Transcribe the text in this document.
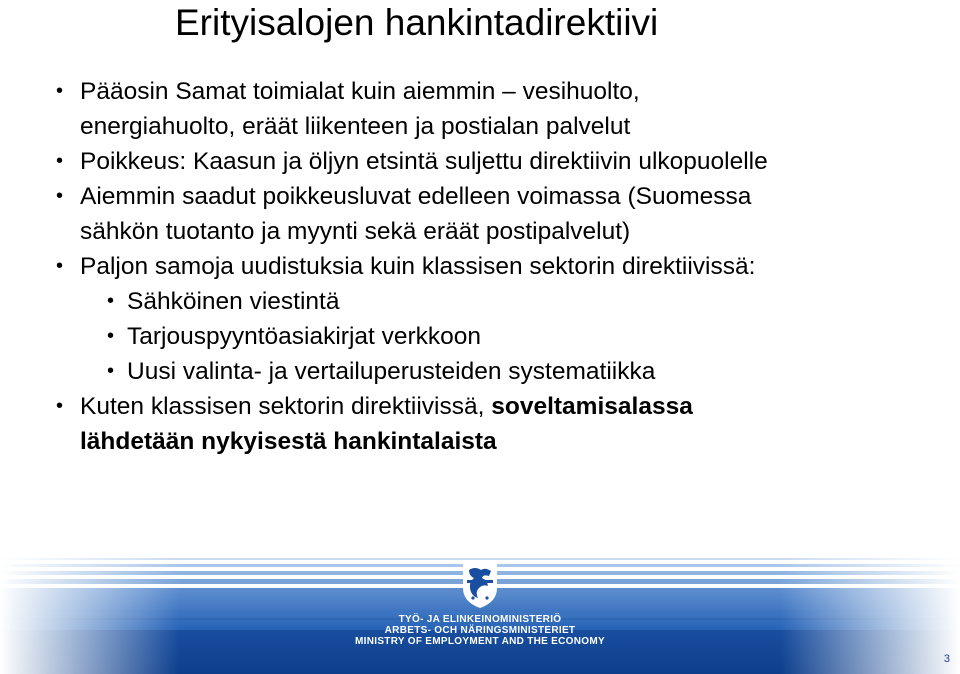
Erityisalojen hankintadirektiivi
• Pääosin Samat toimialat kuin aiemmin – vesihuolto,
energiahuolto, eräät liikenteen ja postialan palvelut
• Poikkeus: Kaasun ja öljyn etsintä suljettu direktiivin ulkopuolelle
• Aiemmin saadut poikkeusluvat edelleen voimassa (Suomessa
sähkön tuotanto ja myynti sekä eräät postipalvelut)
• Paljon samoja uudistuksia kuin klassisen sektorin direktiivissä:
• Sähköinen viestintä
• Tarjouspyyntöasiakirjat verkkoon
• Uusi valinta- ja vertailuperusteiden systematiikka
• Kuten klassisen sektorin direktiivissä, soveltamisalassa
lähdetään nykyisestä hankintalaista
TYÖ- JA ELINKEINOMINISTERIÖ
ARBETS- OCH NÄRINGSMINISTERIET
MINISTRY OF EMPLOYMENT AND THE ECONOMY
3
